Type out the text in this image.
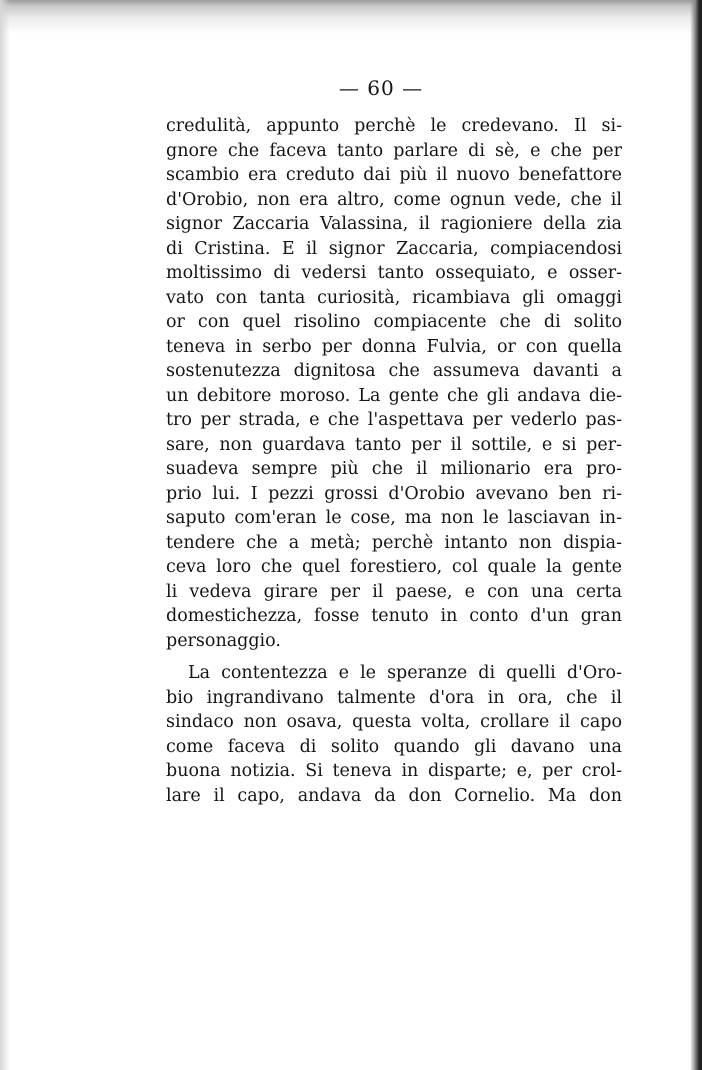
— 60 —
credulità, appunto perchè le credevano. Il si-
gnore che faceva tanto parlare di sè, e che per
scambio era creduto dai più il nuovo benefattore
d'Orobio, non era altro, come ognun vede, che il
signor Zaccaria Valassina, il ragioniere della zia
di Cristina. E il signor Zaccaria, compiacendosi
moltissimo di vedersi tanto ossequiato, e osser-
vato con tanta curiosità, ricambiava gli omaggi
or con quel risolino compiacente che di solito
teneva in serbo per donna Fulvia, or con quella
sostenutezza dignitosa che assumeva davanti a
un debitore moroso. La gente che gli andava die-
tro per strada, e che l'aspettava per vederlo pas-
sare, non guardava tanto per il sottile, e si per-
suadeva sempre più che il milionario era pro-
prio lui. I pezzi grossi d'Orobio avevano ben ri-
saputo com'eran le cose, ma non le lasciavan in-
tendere che a metà; perchè intanto non dispia-
ceva loro che quel forestiero, col quale la gente
li vedeva girare per il paese, e con una certa
domestichezza, fosse tenuto in conto d'un gran
personaggio.
La contentezza e le speranze di quelli d'Oro-
bio ingrandivano talmente d'ora in ora, che il
sindaco non osava, questa volta, crollare il capo
come faceva di solito quando gli davano una
buona notizia. Si teneva in disparte; e, per crol-
lare il capo, andava da don Cornelio. Ma don
